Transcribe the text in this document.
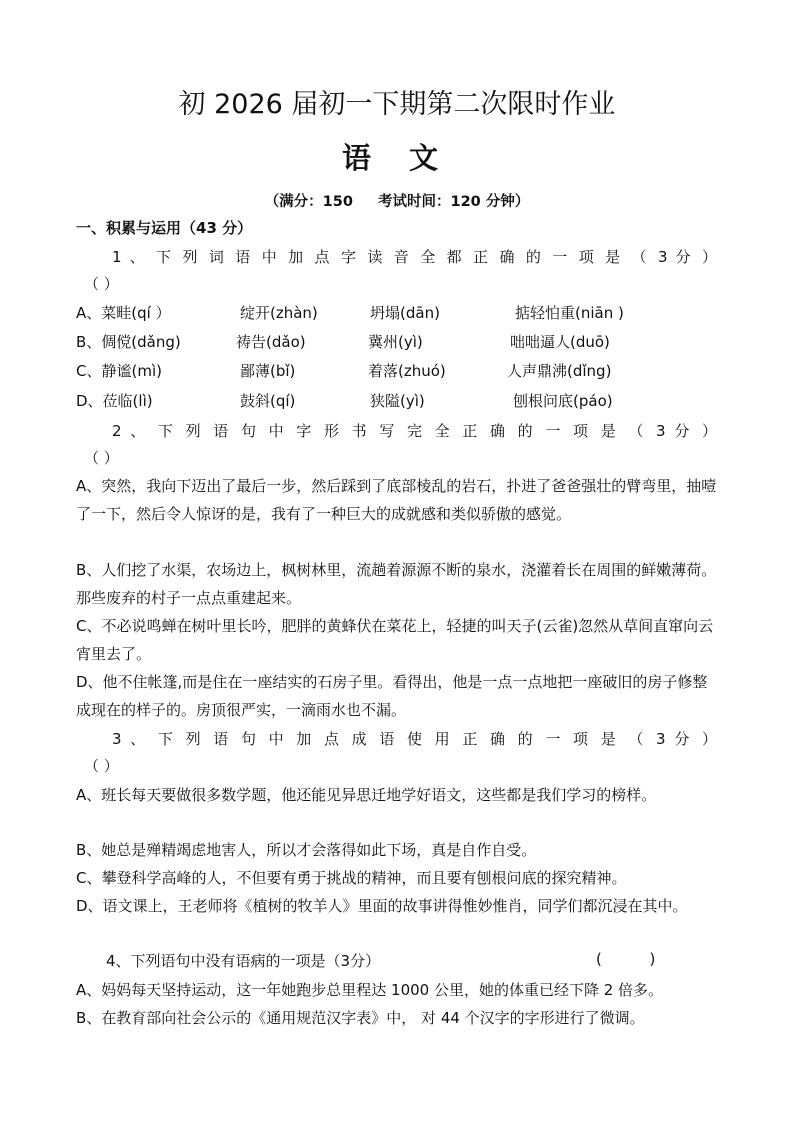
初 2026 届初一下期第二次限时作业
语 文
（满分：150 考试时间：120 分钟）
一、积累与运用（43 分）
1 、 下 列 词 语 中 加 点 字 读 音 全 都 正 确 的 一 项 是 （ 3 分 ）
（ ）
A、菜畦(qí ）	绽开(zhàn)	坍塌(dān)	掂轻怕重(niān )
B、倜傥(dǎng)	祷告(dǎo)	冀州(yì)	咄咄逼人(duō)
C、静谧(mì)	鄙薄(bǐ)	着落(zhuó)	人声鼎沸(dǐng)
D、莅临(lì)	鼓斜(qí)	狭隘(yì)	刨根问底(páo)
2 、 下 列 语 句 中 字 形 书 写 完 全 正 确 的 一 项 是 （ 3 分 ）
（ ）
A、突然，我向下迈出了最后一步，然后踩到了底部棱乱的岩石，扑进了爸爸强壮的臂弯里，抽噎了一下，然后令人惊讶的是，我有了一种巨大的成就感和类似骄傲的感觉。
B、人们挖了水渠，农场边上，枫树林里，流趟着源源不断的泉水，浇灌着长在周围的鲜嫩薄荷。那些废弃的村子一点点重建起来。
C、不必说鸣蝉在树叶里长吟，肥胖的黄蜂伏在菜花上，轻捷的叫天子(云雀)忽然从草间直窜向云宵里去了。
D、他不住帐篷,而是住在一座结实的石房子里。看得出，他是一点一点地把一座破旧的房子修整成现在的样子的。房顶很严实，一滴雨水也不漏。
3 、 下 列 语 句 中 加 点 成 语 使 用 正 确 的 一 项 是 （ 3 分 ）
（ ）
A、班长每天要做很多数学题，他还能见异思迁地学好语文，这些都是我们学习的榜样。
B、她总是殚精竭虑地害人，所以才会落得如此下场，真是自作自受。
C、攀登科学高峰的人，不但要有勇于挑战的精神，而且要有刨根问底的探究精神。
D、语文课上，王老师将《植树的牧羊人》里面的故事讲得惟妙惟肖，同学们都沉浸在其中。
4、下列语句中没有语病的一项是（3分）	(          )
A、妈妈每天坚持运动，这一年她跑步总里程达 1000 公里，她的体重已经下降 2 倍多。
B、在教育部向社会公示的《通用规范汉字表》中， 对 44 个汉字的字形进行了微调。
